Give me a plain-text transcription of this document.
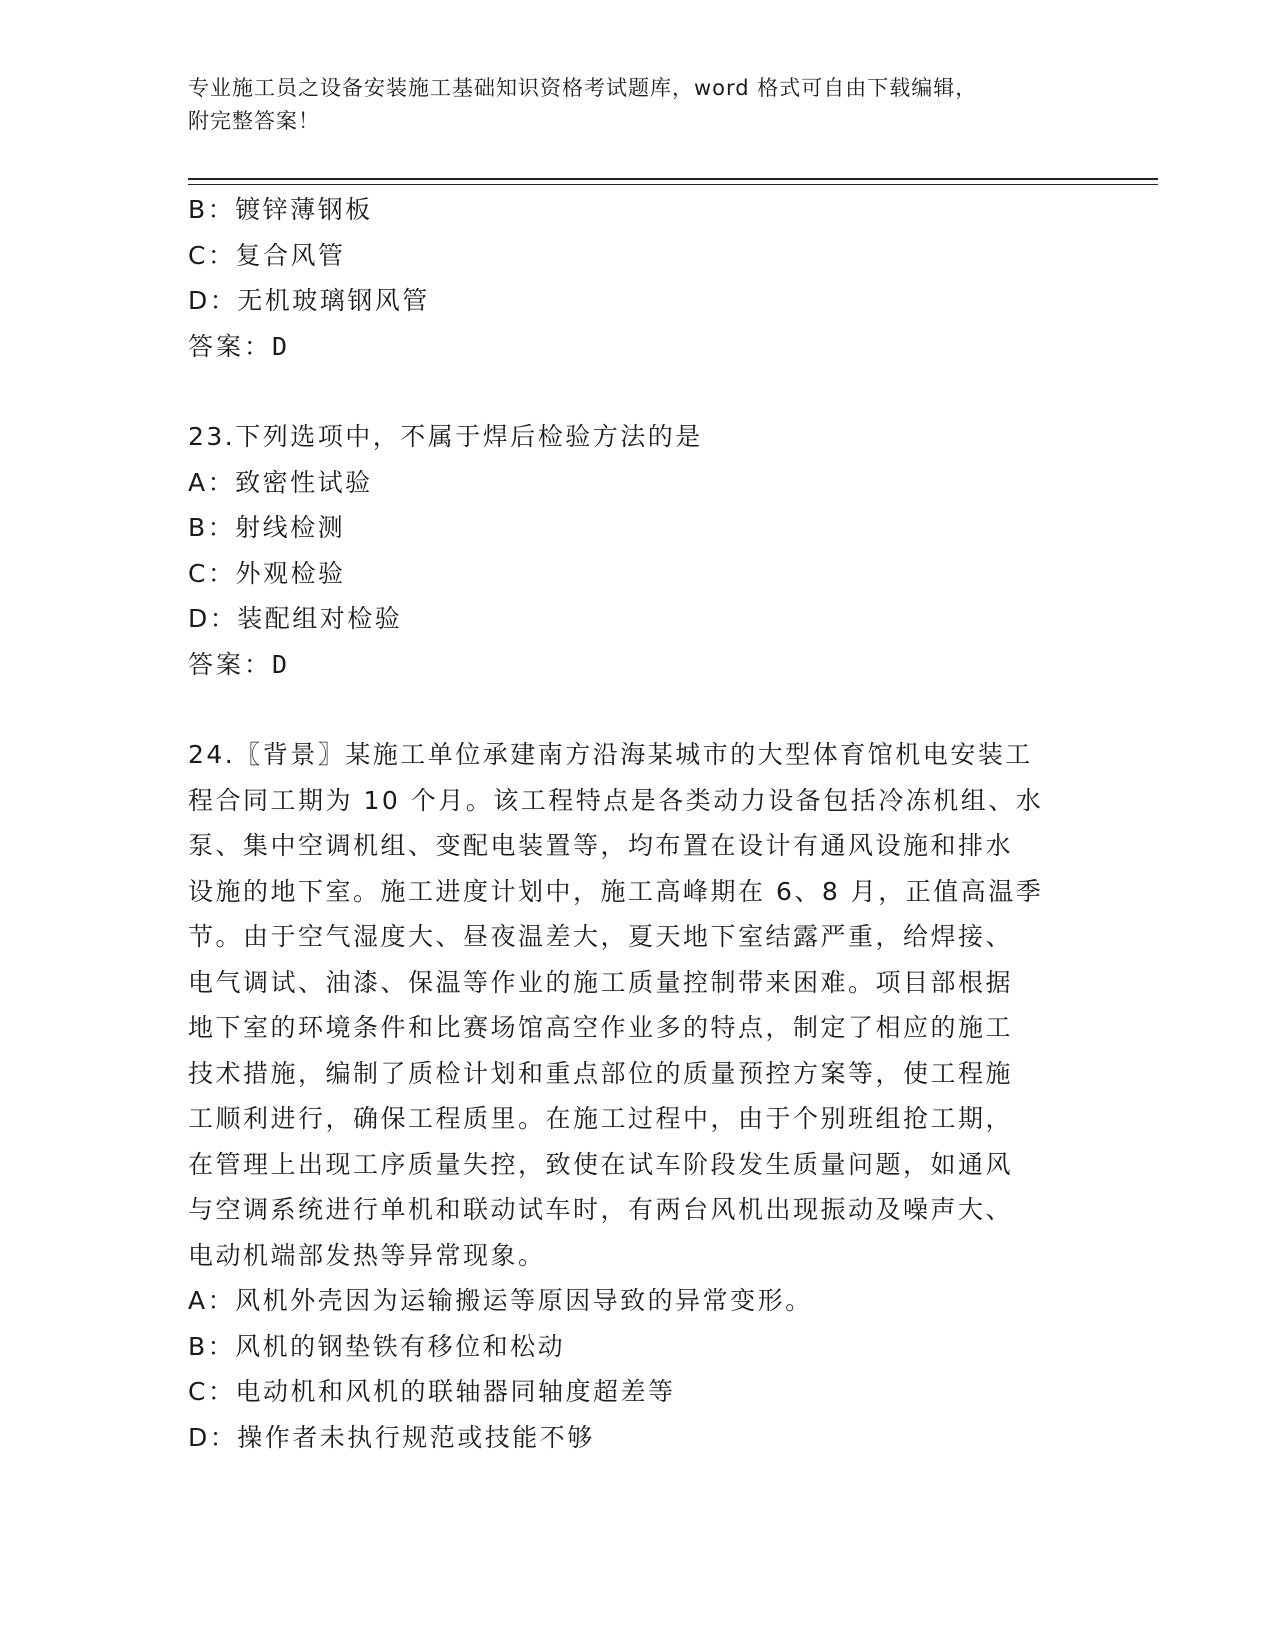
专业施工员之设备安装施工基础知识资格考试题库，word 格式可自由下载编辑，
附完整答案！
B：镀锌薄钢板
C：复合风管
D：无机玻璃钢风管
答案：D
23.下列选项中，不属于焊后检验方法的是
A：致密性试验
B：射线检测
C：外观检验
D：装配组对检验
答案：D
24.〖背景〗某施工单位承建南方沿海某城市的大型体育馆机电安装工
程合同工期为 10 个月。该工程特点是各类动力设备包括冷冻机组、水
泵、集中空调机组、变配电装置等，均布置在设计有通风设施和排水
设施的地下室。施工进度计划中，施工高峰期在 6、8 月，正值高温季
节。由于空气湿度大、昼夜温差大，夏天地下室结露严重，给焊接、
电气调试、油漆、保温等作业的施工质量控制带来困难。项目部根据
地下室的环境条件和比赛场馆高空作业多的特点，制定了相应的施工
技术措施，编制了质检计划和重点部位的质量预控方案等，使工程施
工顺利进行，确保工程质里。在施工过程中，由于个别班组抢工期，
在管理上出现工序质量失控，致使在试车阶段发生质量问题，如通风
与空调系统进行单机和联动试车时，有两台风机出现振动及噪声大、
电动机端部发热等异常现象。
A：风机外壳因为运输搬运等原因导致的异常变形。
B：风机的钢垫铁有移位和松动
C：电动机和风机的联轴器同轴度超差等
D：操作者未执行规范或技能不够
